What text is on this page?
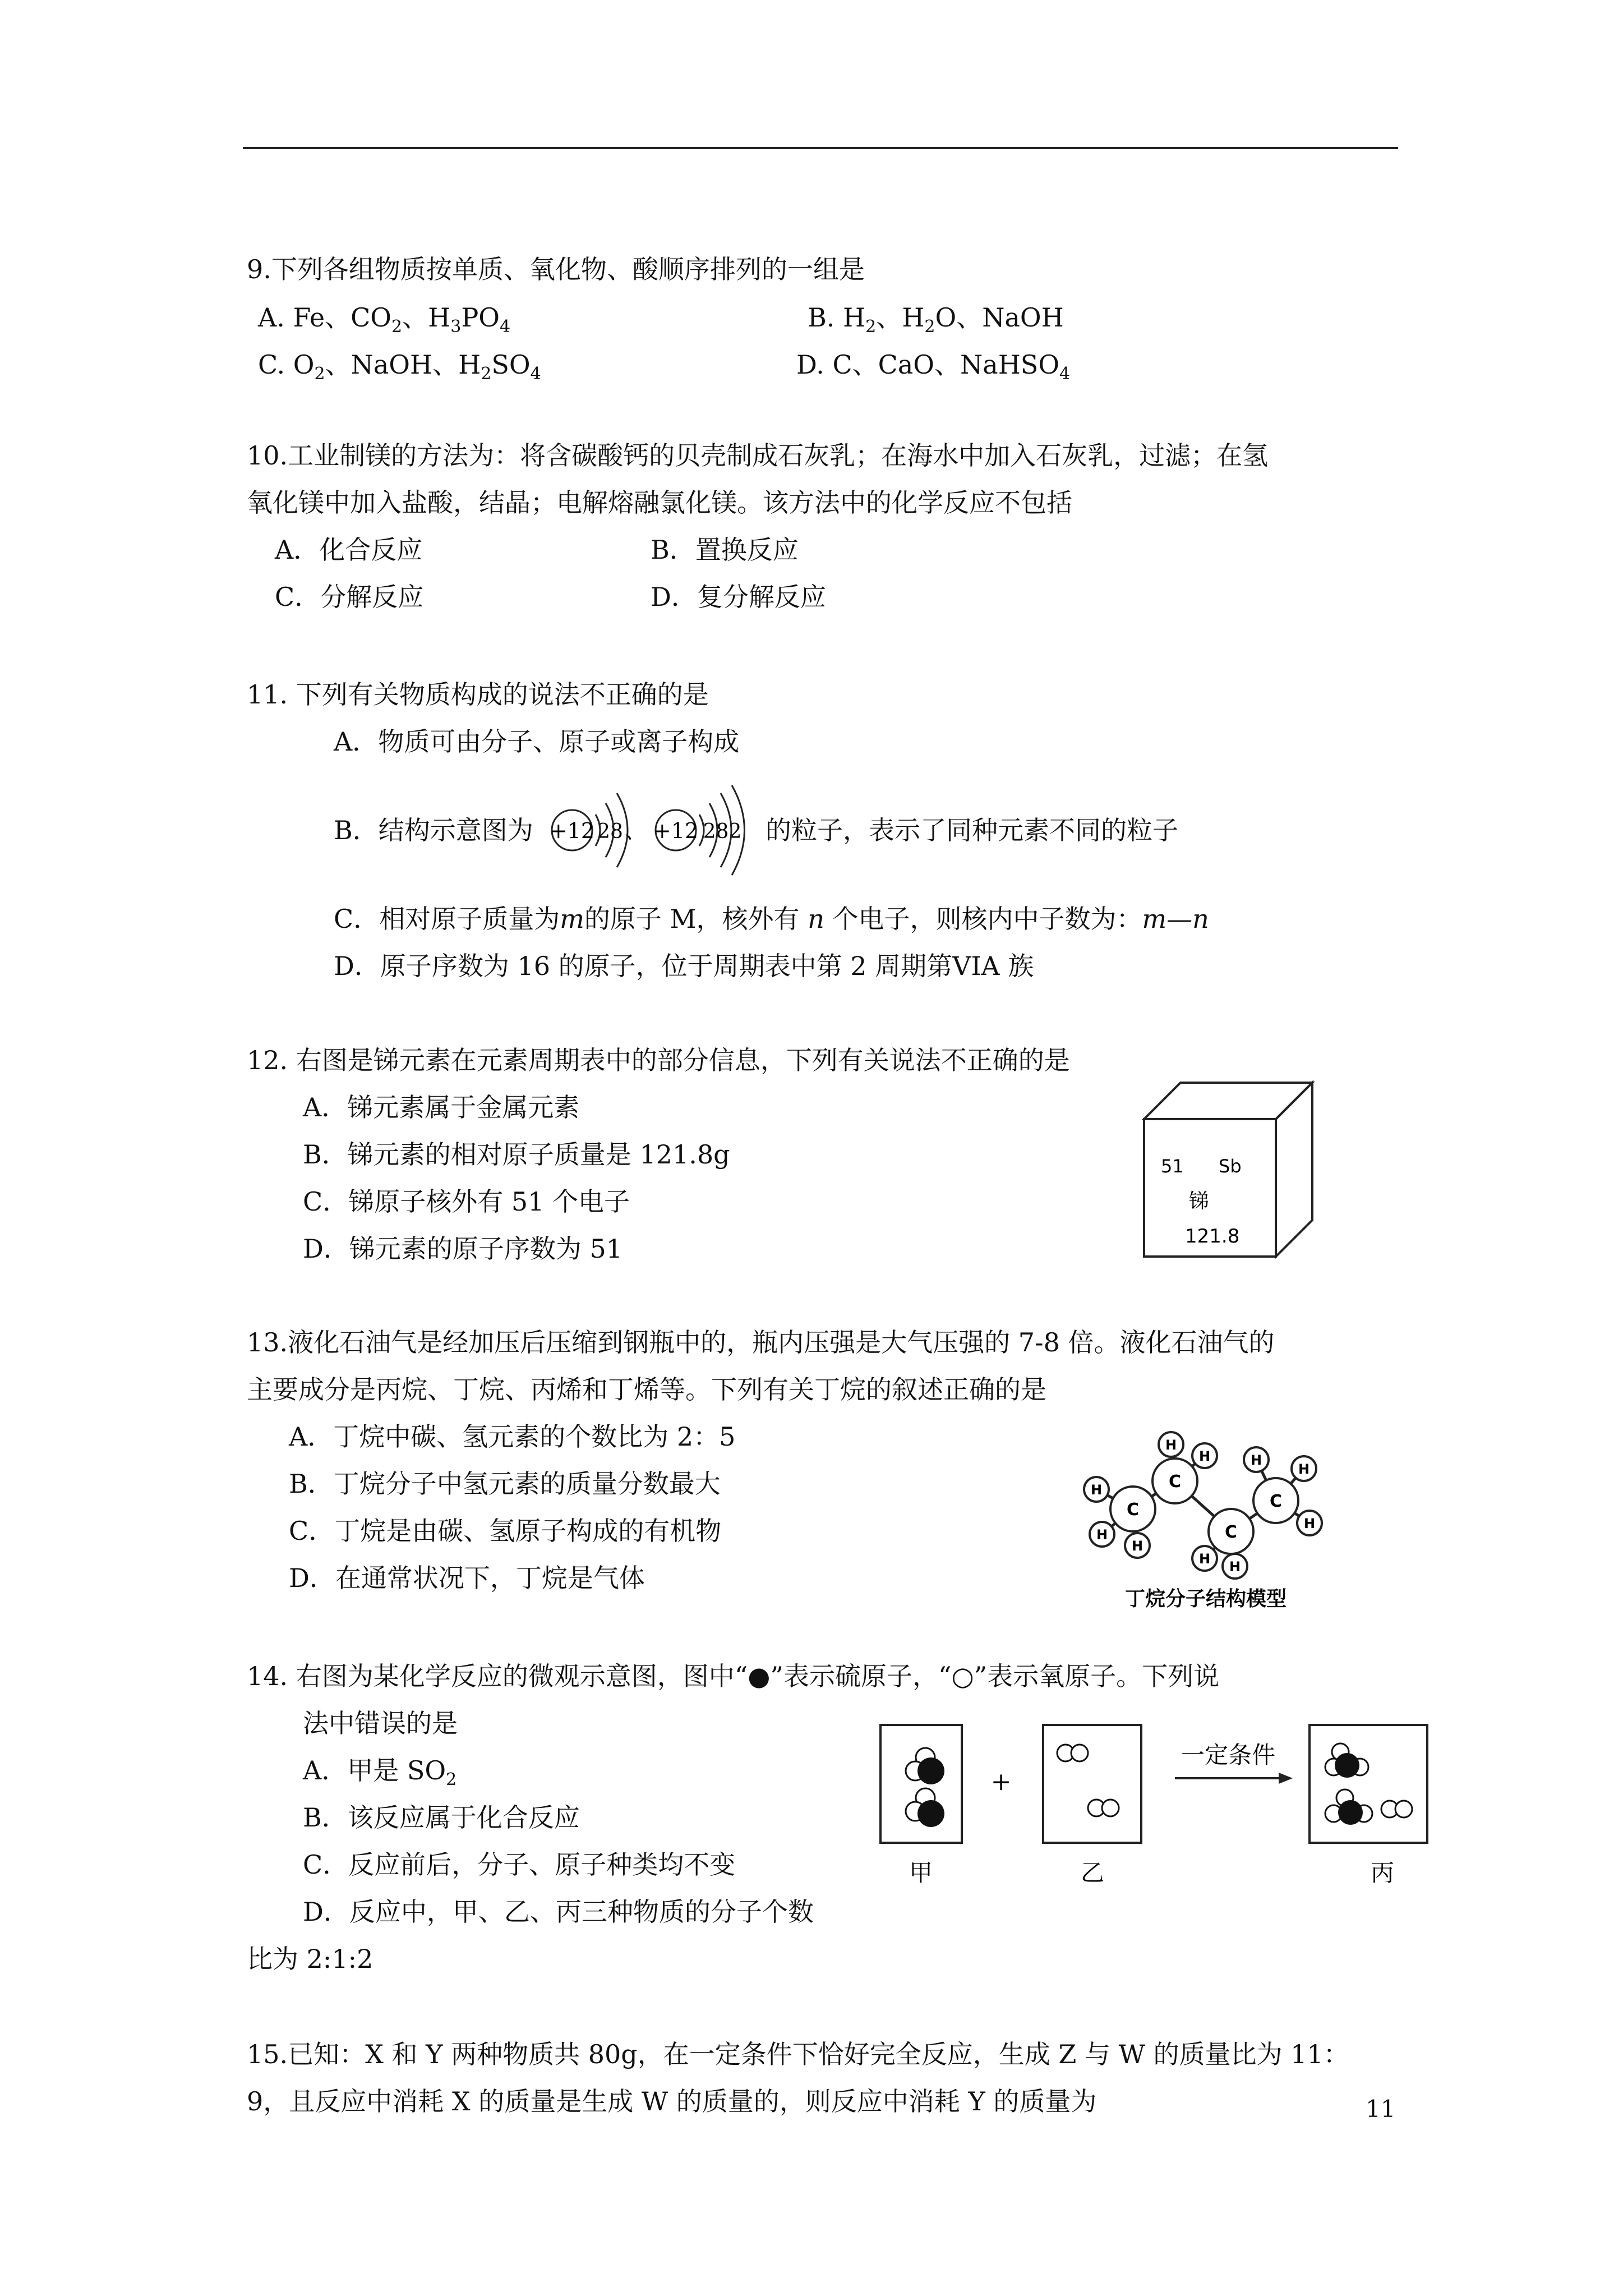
9.下列各组物质按单质、氧化物、酸顺序排列的一组是
A. Fe、$CO_2$、$H_3PO_4$	B. $H_2$、$H_2O$、NaOH
C. $O_2$、NaOH、$H_2SO_4$	D. C、CaO、NaHSO$_4$
10.工业制镁的方法为：将含碳酸钙的贝壳制成石灰乳；在海水中加入石灰乳，过滤；在氢
氧化镁中加入盐酸，结晶；电解熔融氯化镁。该方法中的化学反应不包括
A．化合反应	B．置换反应
C．分解反应	D．复分解反应
11. 下列有关物质构成的说法不正确的是
A．物质可由分子、原子或离子构成
B．结构示意图为 +12 28 、 +12 282 的粒子，表示了同种元素不同的粒子
C．相对原子质量为m的原子 M，核外有 n 个电子，则核内中子数为：m—n
D．原子序数为 16 的原子，位于周期表中第 2 周期第VIA 族
12. 右图是锑元素在元素周期表中的部分信息，下列有关说法不正确的是
A．锑元素属于金属元素
B．锑元素的相对原子质量是 121.8g
C．锑原子核外有 51 个电子
D．锑元素的原子序数为 51
51 Sb
锑
121.8
13.液化石油气是经加压后压缩到钢瓶中的，瓶内压强是大气压强的 7-8 倍。液化石油气的
主要成分是丙烷、丁烷、丙烯和丁烯等。下列有关丁烷的叙述正确的是
A．丁烷中碳、氢元素的个数比为 2：5
B．丁烷分子中氢元素的质量分数最大
C．丁烷是由碳、氢原子构成的有机物
D．在通常状况下，丁烷是气体
C
C
C
C
H
H
H
H
H
H H
H
H
H
丁烷分子结构模型
14. 右图为某化学反应的微观示意图，图中“●”表示硫原子，“○”表示氧原子。下列说
法中错误的是
A．甲是 $SO_2$
B．该反应属于化合反应
C．反应前后，分子、原子种类均不变
D．反应中，甲、乙、丙三种物质的分子个数
比为 2:1:2
+
一定条件
甲	乙	丙
15.已知：X 和 Y 两种物质共 80g，在一定条件下恰好完全反应，生成 Z 与 W 的质量比为 11：
9，且反应中消耗 X 的质量是生成 W 的质量的，则反应中消耗 Y 的质量为	11
